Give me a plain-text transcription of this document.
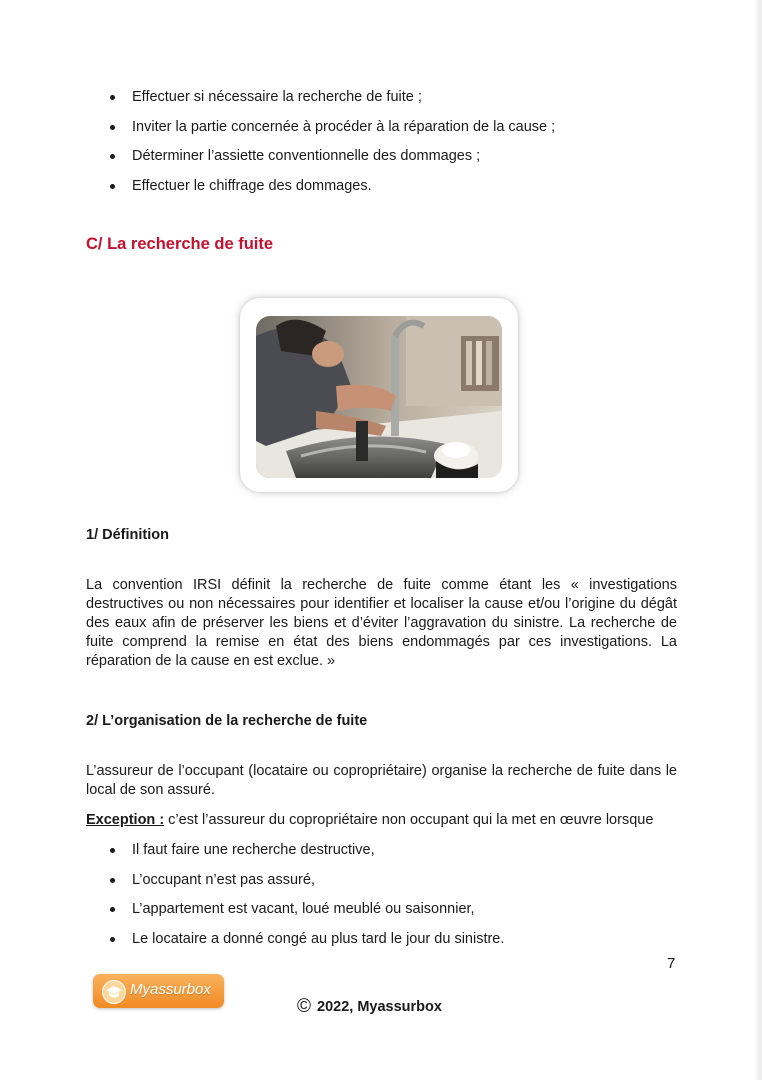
Effectuer si nécessaire la recherche de fuite ;
Inviter la partie concernée à procéder à la réparation de la cause ;
Déterminer l’assiette conventionnelle des dommages ;
Effectuer le chiffrage des dommages.
C/ La recherche de fuite
1/ Définition

La convention IRSI définit la recherche de fuite comme étant les « investigations destructives ou non nécessaires pour identifier et localiser la cause et/ou l’origine du dégât des eaux afin de préserver les biens et d’éviter l’aggravation du sinistre. La recherche de fuite comprend la remise en état des biens endommagés par ces investigations. La réparation de la cause en est exclue. »

2/ L’organisation de la recherche de fuite

L’assureur de l’occupant (locataire ou copropriétaire) organise la recherche de fuite dans le local de son assuré.

Exception : c’est l’assureur du copropriétaire non occupant qui la met en œuvre lorsque

Il faut faire une recherche destructive,
L’occupant n’est pas assuré,
L’appartement est vacant, loué meublé ou saisonnier,
Le locataire a donné congé au plus tard le jour du sinistre.
7
Myassurbox
© 2022, Myassurbox
